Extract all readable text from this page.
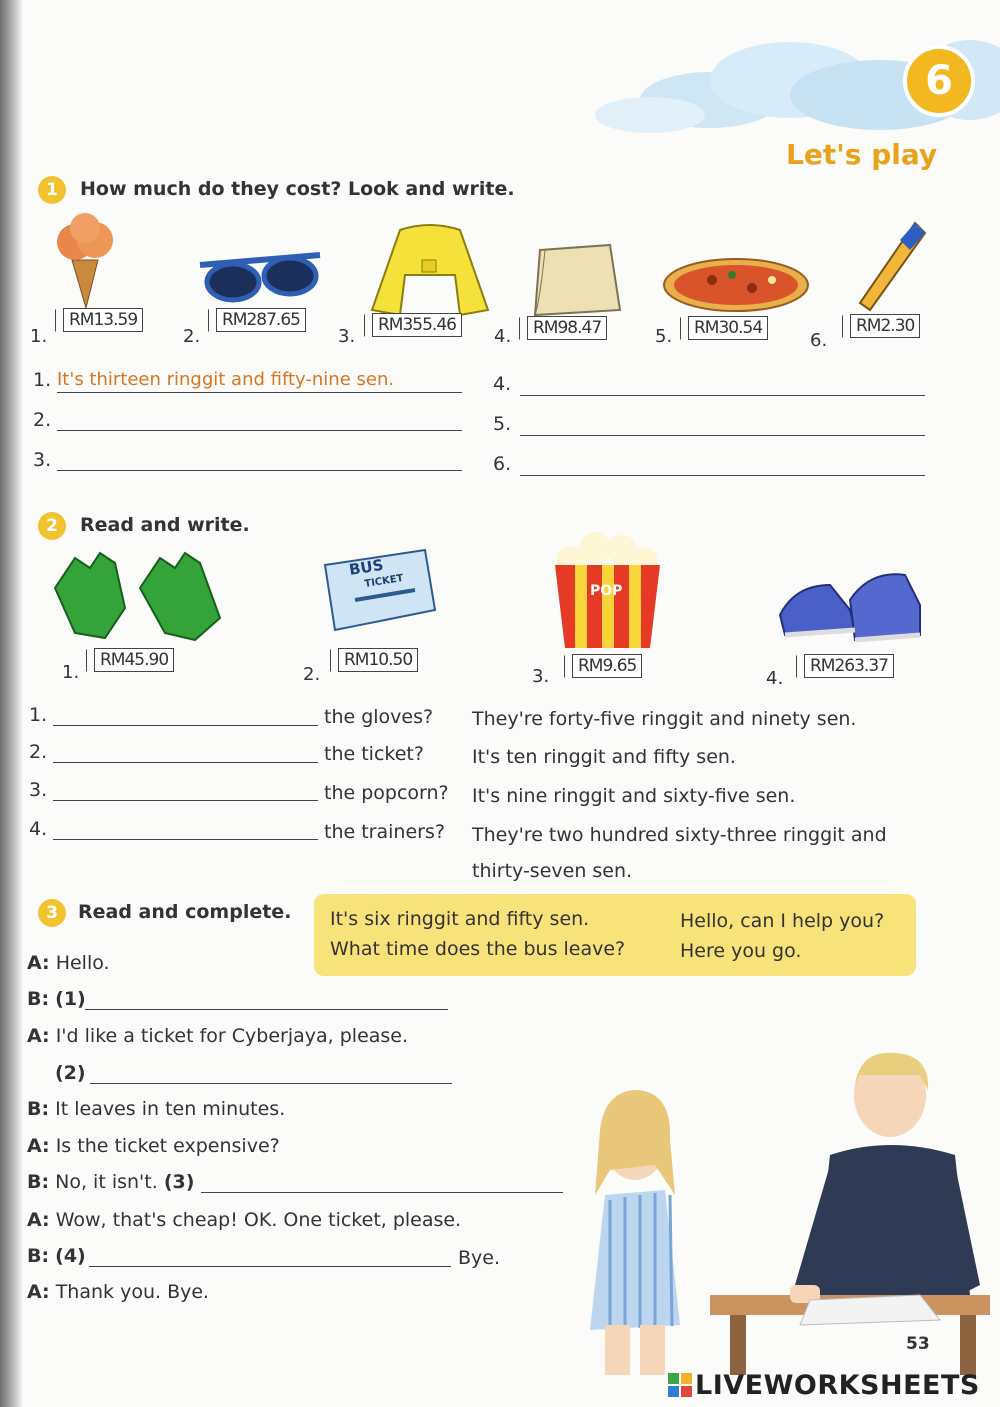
6
Let's play
1	How much do they cost? Look and write.
1.
RM13.59
2.
RM287.65
3.
RM355.46
4.	RM98.47	5.	RM30.54
6.
RM2.30
1. It's thirteen ringgit and fifty-nine sen.
2.
3.
4.
5.
6.
2	Read and write.
BUS
TICKET
POP
1.
RM45.90
2.
RM10.50
3.	RM9.65
4.
RM263.37
1.	the gloves? They're forty-five ringgit and ninety sen.
2.	the ticket?	It's ten ringgit and fifty sen.
3.	the popcorn? It's nine ringgit and sixty-five sen.
4.	the trainers? They're two hundred sixty-three ringgit and
thirty-seven sen.
3	Read and complete. It's six ringgit and fifty sen.	Hello, can I help you?
What time does the bus leave?	Here you go.
A: Hello.
B: (1)
A: I'd like a ticket for Cyberjaya, please.
(2)
B: It leaves in ten minutes.
A: Is the ticket expensive?
B: No, it isn't. (3)
A: Wow, that's cheap! OK. One ticket, please.
B: (4)	Bye.
A: Thank you. Bye.
53
LIVEWORKSHEETS
